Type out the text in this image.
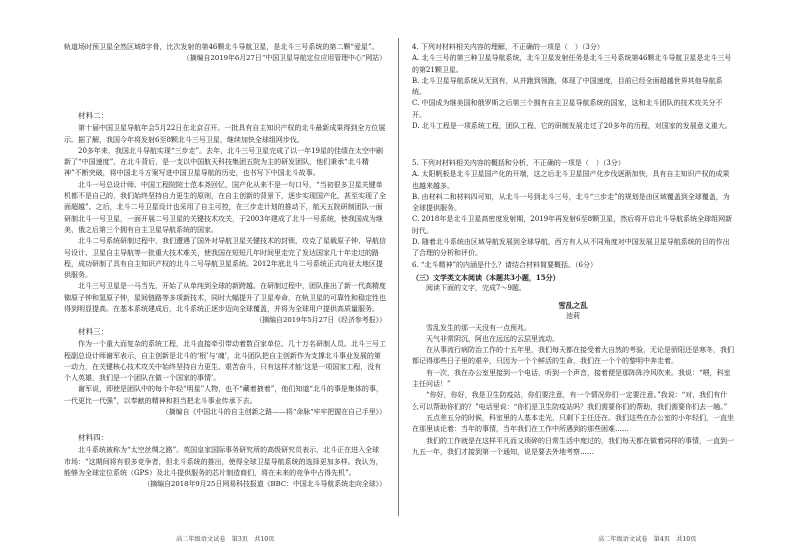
轨道场时预卫星全然区域8字骨，比次发射的第46颗北斗导航卫星，是北斗三号系统的第二颗“爱星”。

（摘编自2019年6月27日“中国卫星导航定位应用管理中心”网站）

材料二：

第十届中国卫星导航年会5月22日在北京召开。一批具有自主知识产权的北斗最新成果得到全方位展示。据了解，我国今年将发射6至8颗北斗三号卫星，继续加快全球组网步伐。

20多年来，我国北斗导航实现“三步走”。去年，北斗三号卫星完成了以一年19星的佳绩在太空中刷新了“中国速度”，在北斗背后，是一支以中国航天科技集团五院为主的研发团队，他们秉承“北斗精神”不断突破，将中国北斗方案写进中国卫星导航的历史，也书写下中国北斗故事。

北斗一号总设计师、中国工程院院士范本尧回忆，国产化从来不是一句口号，“当初很多卫星关键单机都不是自己的，我们始终坚持自力更生的原则，在自主创新的背景下，逐步实现国产化，甚至实现了全面超越”。之后，北斗二号卫星设计也采用了自主可控，在三步走计划的推动下，航天五院研制团队一面研制北斗一号卫星，一面开展二号卫星的关键技术攻关，于2003年建成了北斗一号系统，使我国成为继美、俄之后第三个拥有自主卫星导航系统的国家。

北斗二号系统研制过程中，我们遭遇了国外对导航卫星关键技术的封锁，攻克了星载原子钟、导航信号设计、卫星自主导航等一批重大技术难关，使我国在短短几年时间里走完了发达国家几十年走过的路程，成功研制了具有自主知识产权的北斗二号导航卫星系统。2012年底北斗二号系统正式向亚太地区提供服务。

北斗三号卫星是一马当先，开始了从单纯到全球的新跨越。在研制过程中，团队推出了新一代高精度铷原子钟和氢原子钟，星间链路等多项新技术，同时大幅提升了卫星寿命，在轨卫星的可靠性和稳定性也得到明显提高。在基本系统建成后，北斗系统正逐步迈向全球覆盖，并将为全球用户提供高质量服务。

（摘编自2019年5月27日《经济参考报》）

材料三：

作为一个重大而复杂的系统工程，北斗直接牵引带动着数百家单位、几十万名研制人员。北斗三号工程副总设计师谢军表示，自主创新是北斗的‘根’与‘魂’，北斗团队把自主创新作为支撑北斗事业发展的第一动力，在关键核心技术攻关中始终坚持自力更生、艰苦奋斗，只有这样才能‘这是一项国家工程，没有个人英雄，我们是一个团队在做一个国家的事情’。

谢军说，即使是团队中的每个年轻“明星”人物，也不“藏着掖着”，他们知道“北斗的事是集体的事，一代更比一代强”，以奉献的精神和担当把北斗事业传承下去。

（摘编自《中国北斗的自主创新之路——将“命脉”牢牢把握在自己手里》）

材料四：

北斗系统被称为“太空丝绸之路”。英国皇家国际事务研究所的高级研究员表示，北斗正在进入全球市场：“这期间将有很多竞争者，但北斗系统的推出，使得全球卫星导航系统的选择更加多样。我认为，能够为全球定位系统（GPS）及北斗提供服务的芯片制造商们，将在未来的竞争中占得先机”。

（摘编自2018年9月25日网易科技报道《BBC：中国北斗导航系统走向全球》）

高二年级语文试卷　第3页　共10页

4. 下列对材料相关内容的理解，不正确的一项是（　）（3分）

A. 北斗三号的第三种卫星导航系统，北斗卫星发射任务是北斗三号系统第46颗北斗导航卫星是北斗三号的第21颗卫星。

B. 北斗卫星导航系统从无到有，从并跑到领跑，体现了中国速度，目前已经全面超越世界其他导航系统。

C. 中国成为继美国和俄罗斯之后第三个拥有自主卫星导航系统的国家，这和北斗团队的技术攻关分不开。

D. 北斗工程是一项系统工程，团队工程，它的研制发展走过了20多年的历程，对国家的发展意义重大。

5. 下列对材料相关内容的概括和分析，不正确的一项是（　）（3分）

A. 太阳帆板是北斗卫星国产化的开端，这之后北斗卫星国产化步伐逐渐加快，具有自主知识产权的成果也越来越多。

B. 由材料二和材料四可知，从北斗一号到北斗三号，北斗“三步走”的规划是由区域覆盖到全球覆盖，为全球提供服务。

C. 2018年是北斗卫星高密度发射期，2019年再发射6至8颗卫星，然后将开启北斗导航系统全球组网新时代。

D. 随着北斗系统由区域导航发展到全球导航，西方有人从不同角度对中国发展卫星导航系统的目的作出了合理的分析和评价。

6. “北斗精神”的内涵是什么？请结合材料简要概括。（6分）

（三）文学类文本阅读（本题共3小题，15分）

阅读下面的文字，完成7～9题。

雪乱之乱

池莉

雪乱发生的那一天没有一点预兆。

天气非常阴沉，阿也在远远的云层里流动。

在从事流行病防治工作的十五年里，我们每天都在接受着大自然的考验，无论是骄阳还是寒冬，我们都记得那些日子里的艰辛，只因为一个个鲜活的生命，我们在一个个的黎明中奔走着。

有一次，我在办公室里接到一个电话，听到一个声音，接着便是那阵阵冷风吹来。我说：“喂，科室主任问话！”

“你好，你好，我是卫生防疫站，你们要注意，有一个情况你们一定要注意。”我说：“对，我们有什么可以帮助你们的？”电话里说：“你们是卫生防疫站吗？我们需要你们的帮助，我们需要你们去一趟。”

五点差五分的时候，科室里的人基本走光，只剩下主任还在。我们这些在办公室的小年轻们，一直坐在那里谈论着：当年的事情，当年我们在工作中所遇到的那些困难……

我们的工作就是在这样平凡而又琐碎的日常生活中度过的，我们每天都在做着同样的事情，一直到一九五一年，我们才接到第一个通知，说是要去外地考察……

高二年级语文试卷　第4页　共10页
